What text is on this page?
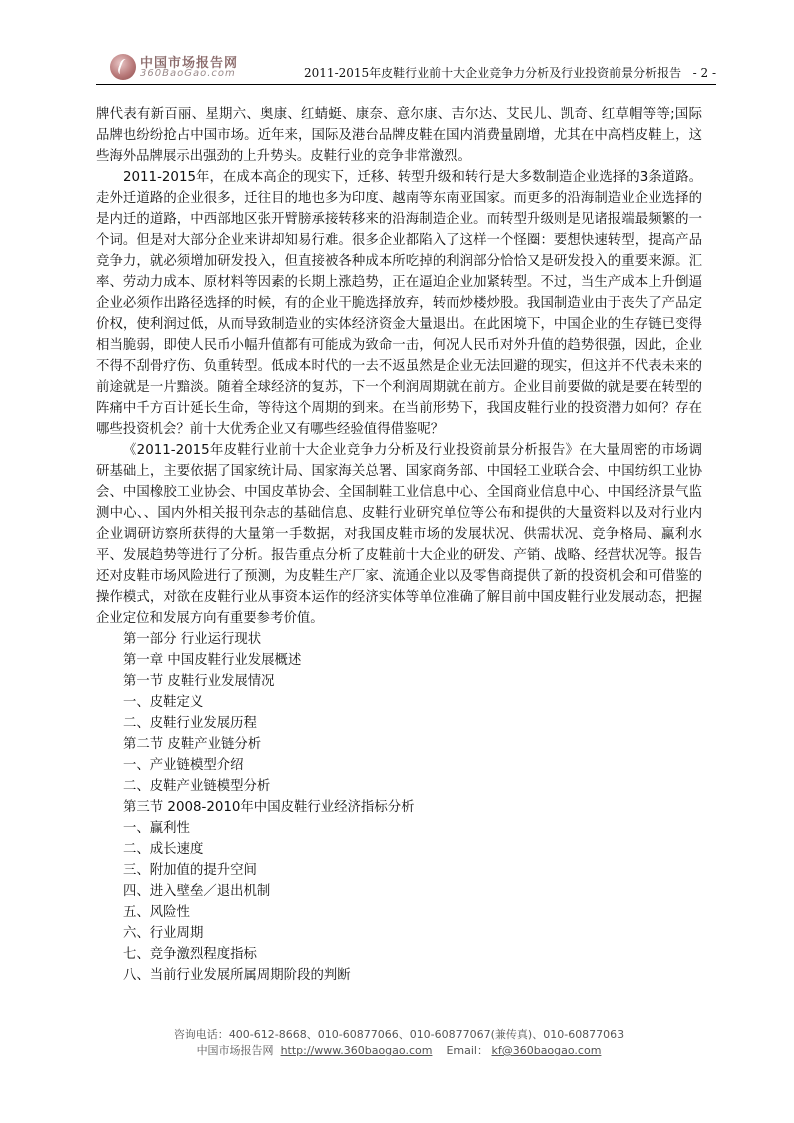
中国市场报告网
360BaoGao.com	2011-2015年皮鞋行业前十大企业竞争力分析及行业投资前景分析报告 - 2 -

牌代表有新百丽、星期六、奥康、红蜻蜓、康奈、意尔康、吉尔达、艾民儿、凯奇、红草帽等等;国际品牌也纷纷抢占中国市场。近年来，国际及港台品牌皮鞋在国内消费量剧增，尤其在中高档皮鞋上，这些海外品牌展示出强劲的上升势头。皮鞋行业的竞争非常激烈。

2011-2015年，在成本高企的现实下，迁移、转型升级和转行是大多数制造企业选择的3条道路。走外迁道路的企业很多，迁往目的地也多为印度、越南等东南亚国家。而更多的沿海制造业企业选择的是内迁的道路，中西部地区张开臂膀承接转移来的沿海制造企业。而转型升级则是见诸报端最频繁的一个词。但是对大部分企业来讲却知易行难。很多企业都陷入了这样一个怪圈：要想快速转型，提高产品竞争力，就必须增加研发投入，但直接被各种成本所吃掉的利润部分恰恰又是研发投入的重要来源。汇率、劳动力成本、原材料等因素的长期上涨趋势，正在逼迫企业加紧转型。不过，当生产成本上升倒逼企业必须作出路径选择的时候，有的企业干脆选择放弃，转而炒楼炒股。我国制造业由于丧失了产品定价权，使利润过低，从而导致制造业的实体经济资金大量退出。在此困境下，中国企业的生存链已变得相当脆弱，即使人民币小幅升值都有可能成为致命一击，何况人民币对外升值的趋势很强，因此，企业不得不刮骨疗伤、负重转型。低成本时代的一去不返虽然是企业无法回避的现实，但这并不代表未来的前途就是一片黯淡。随着全球经济的复苏，下一个利润周期就在前方。企业目前要做的就是要在转型的阵痛中千方百计延长生命，等待这个周期的到来。在当前形势下，我国皮鞋行业的投资潜力如何？存在哪些投资机会？前十大优秀企业又有哪些经验值得借鉴呢？

《2011-2015年皮鞋行业前十大企业竞争力分析及行业投资前景分析报告》在大量周密的市场调研基础上，主要依据了国家统计局、国家海关总署、国家商务部、中国轻工业联合会、中国纺织工业协会、中国橡胶工业协会、中国皮革协会、全国制鞋工业信息中心、全国商业信息中心、中国经济景气监测中心、、国内外相关报刊杂志的基础信息、皮鞋行业研究单位等公布和提供的大量资料以及对行业内企业调研访察所获得的大量第一手数据，对我国皮鞋市场的发展状况、供需状况、竞争格局、赢利水平、发展趋势等进行了分析。报告重点分析了皮鞋前十大企业的研发、产销、战略、经营状况等。报告还对皮鞋市场风险进行了预测，为皮鞋生产厂家、流通企业以及零售商提供了新的投资机会和可借鉴的操作模式，对欲在皮鞋行业从事资本运作的经济实体等单位准确了解目前中国皮鞋行业发展动态，把握企业定位和发展方向有重要参考价值。

第一部分 行业运行现状
第一章 中国皮鞋行业发展概述
第一节 皮鞋行业发展情况
一、皮鞋定义
二、皮鞋行业发展历程
第二节 皮鞋产业链分析
一、产业链模型介绍
二、皮鞋产业链模型分析
第三节 2008-2010年中国皮鞋行业经济指标分析
一、赢利性
二、成长速度
三、附加值的提升空间
四、进入壁垒／退出机制
五、风险性
六、行业周期
七、竞争激烈程度指标
八、当前行业发展所属周期阶段的判断
咨询电话：400-612-8668、010-60877066、010-60877067(兼传真)、010-60877063
中国市场报告网 http://www.360baogao.com Email： kf@360baogao.com
